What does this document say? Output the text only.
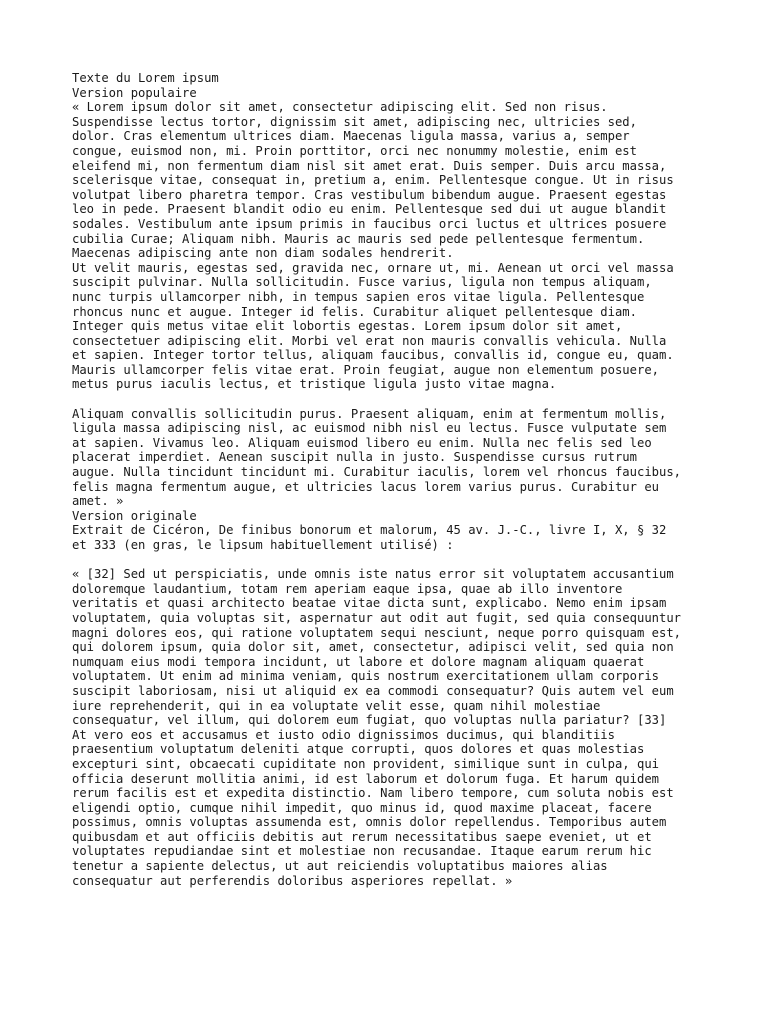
Texte du Lorem ipsum
Version populaire
« Lorem ipsum dolor sit amet, consectetur adipiscing elit. Sed non risus.
Suspendisse lectus tortor, dignissim sit amet, adipiscing nec, ultricies sed,
dolor. Cras elementum ultrices diam. Maecenas ligula massa, varius a, semper
congue, euismod non, mi. Proin porttitor, orci nec nonummy molestie, enim est
eleifend mi, non fermentum diam nisl sit amet erat. Duis semper. Duis arcu massa,
scelerisque vitae, consequat in, pretium a, enim. Pellentesque congue. Ut in risus
volutpat libero pharetra tempor. Cras vestibulum bibendum augue. Praesent egestas
leo in pede. Praesent blandit odio eu enim. Pellentesque sed dui ut augue blandit
sodales. Vestibulum ante ipsum primis in faucibus orci luctus et ultrices posuere
cubilia Curae; Aliquam nibh. Mauris ac mauris sed pede pellentesque fermentum.
Maecenas adipiscing ante non diam sodales hendrerit.
Ut velit mauris, egestas sed, gravida nec, ornare ut, mi. Aenean ut orci vel massa
suscipit pulvinar. Nulla sollicitudin. Fusce varius, ligula non tempus aliquam,
nunc turpis ullamcorper nibh, in tempus sapien eros vitae ligula. Pellentesque
rhoncus nunc et augue. Integer id felis. Curabitur aliquet pellentesque diam.
Integer quis metus vitae elit lobortis egestas. Lorem ipsum dolor sit amet,
consectetuer adipiscing elit. Morbi vel erat non mauris convallis vehicula. Nulla
et sapien. Integer tortor tellus, aliquam faucibus, convallis id, congue eu, quam.
Mauris ullamcorper felis vitae erat. Proin feugiat, augue non elementum posuere,
metus purus iaculis lectus, et tristique ligula justo vitae magna.
Aliquam convallis sollicitudin purus. Praesent aliquam, enim at fermentum mollis,
ligula massa adipiscing nisl, ac euismod nibh nisl eu lectus. Fusce vulputate sem
at sapien. Vivamus leo. Aliquam euismod libero eu enim. Nulla nec felis sed leo
placerat imperdiet. Aenean suscipit nulla in justo. Suspendisse cursus rutrum
augue. Nulla tincidunt tincidunt mi. Curabitur iaculis, lorem vel rhoncus faucibus,
felis magna fermentum augue, et ultricies lacus lorem varius purus. Curabitur eu
amet. »
Version originale
Extrait de Cicéron, De finibus bonorum et malorum, 45 av. J.-C., livre I, X, § 32
et 333 (en gras, le lipsum habituellement utilisé) :
« [32] Sed ut perspiciatis, unde omnis iste natus error sit voluptatem accusantium
doloremque laudantium, totam rem aperiam eaque ipsa, quae ab illo inventore
veritatis et quasi architecto beatae vitae dicta sunt, explicabo. Nemo enim ipsam
voluptatem, quia voluptas sit, aspernatur aut odit aut fugit, sed quia consequuntur
magni dolores eos, qui ratione voluptatem sequi nesciunt, neque porro quisquam est,
qui dolorem ipsum, quia dolor sit, amet, consectetur, adipisci velit, sed quia non
numquam eius modi tempora incidunt, ut labore et dolore magnam aliquam quaerat
voluptatem. Ut enim ad minima veniam, quis nostrum exercitationem ullam corporis
suscipit laboriosam, nisi ut aliquid ex ea commodi consequatur? Quis autem vel eum
iure reprehenderit, qui in ea voluptate velit esse, quam nihil molestiae
consequatur, vel illum, qui dolorem eum fugiat, quo voluptas nulla pariatur? [33]
At vero eos et accusamus et iusto odio dignissimos ducimus, qui blanditiis
praesentium voluptatum deleniti atque corrupti, quos dolores et quas molestias
excepturi sint, obcaecati cupiditate non provident, similique sunt in culpa, qui
officia deserunt mollitia animi, id est laborum et dolorum fuga. Et harum quidem
rerum facilis est et expedita distinctio. Nam libero tempore, cum soluta nobis est
eligendi optio, cumque nihil impedit, quo minus id, quod maxime placeat, facere
possimus, omnis voluptas assumenda est, omnis dolor repellendus. Temporibus autem
quibusdam et aut officiis debitis aut rerum necessitatibus saepe eveniet, ut et
voluptates repudiandae sint et molestiae non recusandae. Itaque earum rerum hic
tenetur a sapiente delectus, ut aut reiciendis voluptatibus maiores alias
consequatur aut perferendis doloribus asperiores repellat. »
